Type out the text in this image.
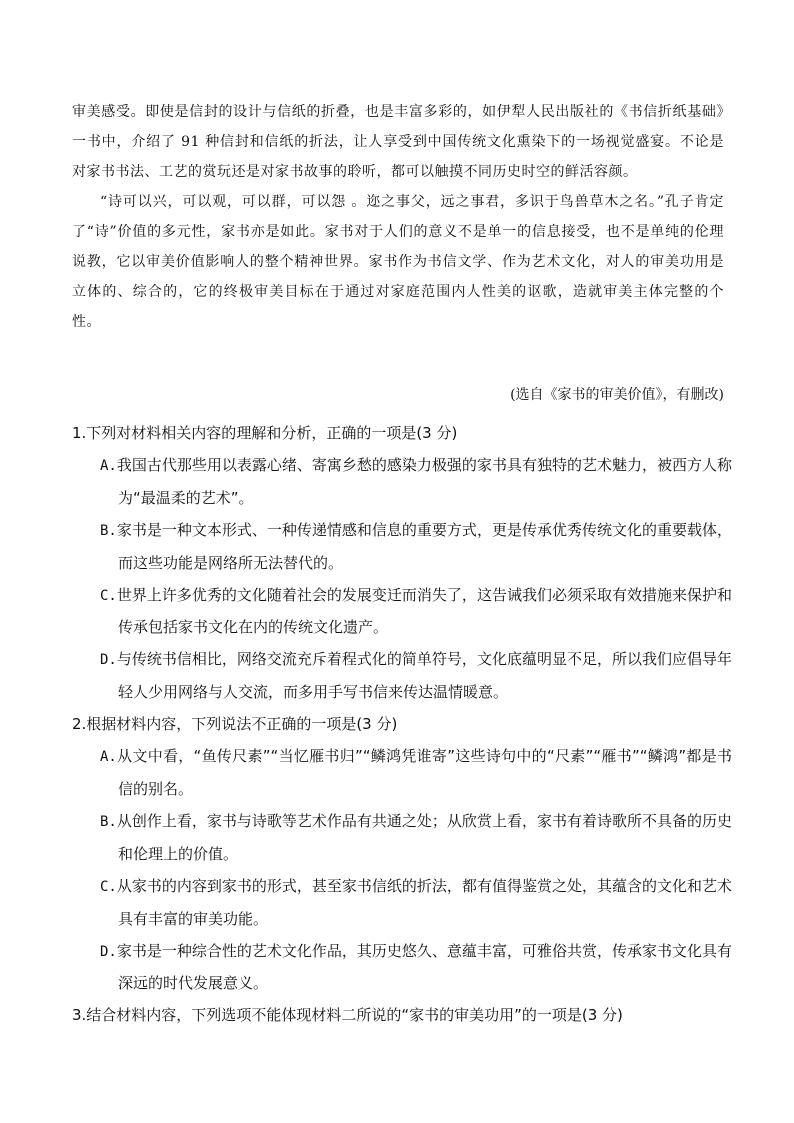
审美感受。即使是信封的设计与信纸的折叠，也是丰富多彩的，如伊犁人民出版社的《书信折纸基础》一书中，介绍了 91 种信封和信纸的折法，让人享受到中国传统文化熏染下的一场视觉盛宴。不论是对家书书法、工艺的赏玩还是对家书故事的聆听，都可以触摸不同历史时空的鲜活容颜。

“诗可以兴，可以观，可以群，可以怨 。迩之事父，远之事君，多识于鸟兽草木之名。”孔子肯定了“诗”价值的多元性，家书亦是如此。家书对于人们的意义不是单一的信息接受，也不是单纯的伦理说教，它以审美价值影响人的整个精神世界。家书作为书信文学、作为艺术文化，对人的审美功用是立体的、综合的，它的终极审美目标在于通过对家庭范围内人性美的讴歌，造就审美主体完整的个性。

(选自《家书的审美价值》，有删改)

1.下列对材料相关内容的理解和分析，正确的一项是(3 分)

A.我国古代那些用以表露心绪、寄寓乡愁的感染力极强的家书具有独特的艺术魅力，被西方人称为“最温柔的艺术”。

B.家书是一种文本形式、一种传递情感和信息的重要方式，更是传承优秀传统文化的重要载体， 而这些功能是网络所无法替代的。

C.世界上许多优秀的文化随着社会的发展变迁而消失了，这告诫我们必须采取有效措施来保护和传承包括家书文化在内的传统文化遗产。

D.与传统书信相比，网络交流充斥着程式化的简单符号，文化底蕴明显不足，所以我们应倡导年轻人少用网络与人交流，而多用手写书信来传达温情暖意。

2.根据材料内容，下列说法不正确的一项是(3 分)

A.从文中看，“鱼传尺素”“当忆雁书归”“鳞鸿凭谁寄”这些诗句中的“尺素”“雁书”“鳞鸿”都是书信的别名。

B.从创作上看，家书与诗歌等艺术作品有共通之处；从欣赏上看，家书有着诗歌所不具备的历史和伦理上的价值。

C.从家书的内容到家书的形式，甚至家书信纸的折法，都有值得鉴赏之处，其蕴含的文化和艺术具有丰富的审美功能。

D.家书是一种综合性的艺术文化作品，其历史悠久、意蕴丰富，可雅俗共赏，传承家书文化具有深远的时代发展意义。

3.结合材料内容，下列选项不能体现材料二所说的“家书的审美功用”的一项是(3 分)
